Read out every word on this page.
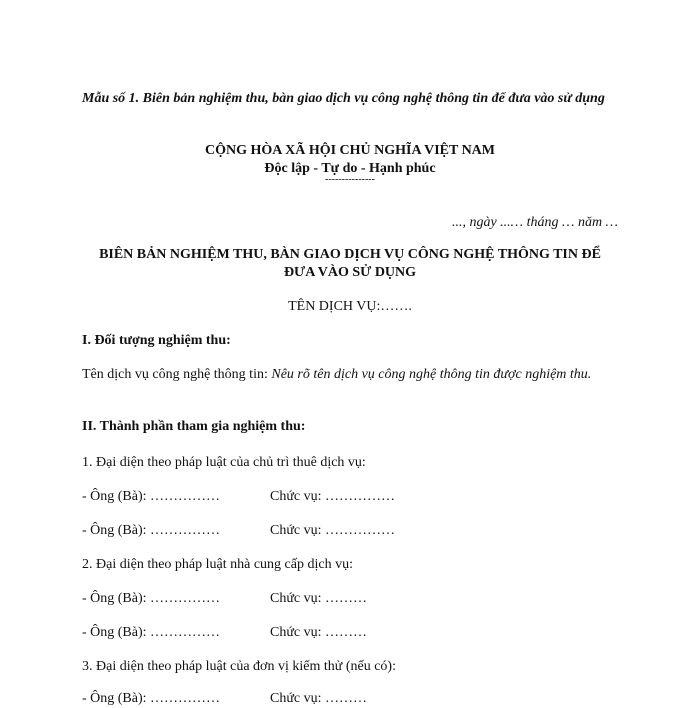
Mẫu số 1. Biên bản nghiệm thu, bàn giao dịch vụ công nghệ thông tin để đưa vào sử dụng
CỘNG HÒA XÃ HỘI CHỦ NGHĨA VIỆT NAM
Độc lập - Tự do - Hạnh phúc
---------------
..., ngày ...… tháng … năm …
BIÊN BẢN NGHIỆM THU, BÀN GIAO DỊCH VỤ CÔNG NGHỆ THÔNG TIN ĐỂ
ĐƯA VÀO SỬ DỤNG
TÊN DỊCH VỤ:…….
I. Đối tượng nghiệm thu:
Tên dịch vụ công nghệ thông tin: Nêu rõ tên dịch vụ công nghệ thông tin được nghiệm thu.
II. Thành phần tham gia nghiệm thu:
1. Đại diện theo pháp luật của chủ trì thuê dịch vụ:
- Ông (Bà): ……………	Chức vụ: ……………
- Ông (Bà): ……………	Chức vụ: ……………
2. Đại diện theo pháp luật nhà cung cấp dịch vụ:
- Ông (Bà): ……………	Chức vụ: ………
- Ông (Bà): ……………	Chức vụ: ………
3. Đại diện theo pháp luật của đơn vị kiểm thử (nếu có):
- Ông (Bà): ……………	Chức vụ: ………
